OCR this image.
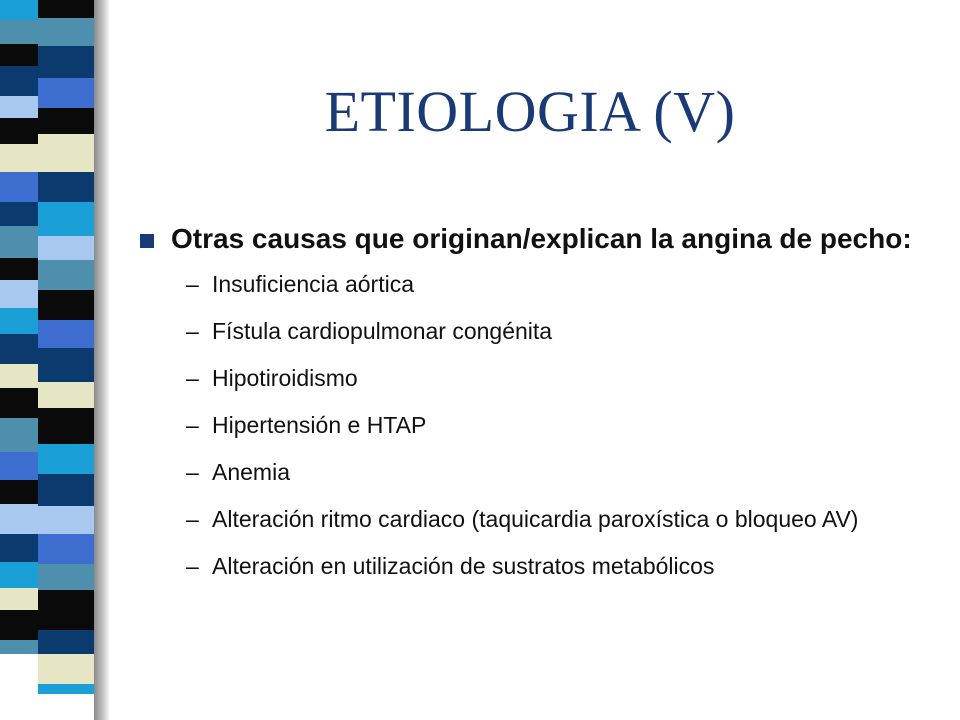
ETIOLOGIA (V)
Otras causas que originan/explican la angina de pecho:
– Insuficiencia aórtica
– Fístula cardiopulmonar congénita
– Hipotiroidismo
– Hipertensión e HTAP
– Anemia
– Alteración ritmo cardiaco (taquicardia paroxística o bloqueo AV)
– Alteración en utilización de sustratos metabólicos
